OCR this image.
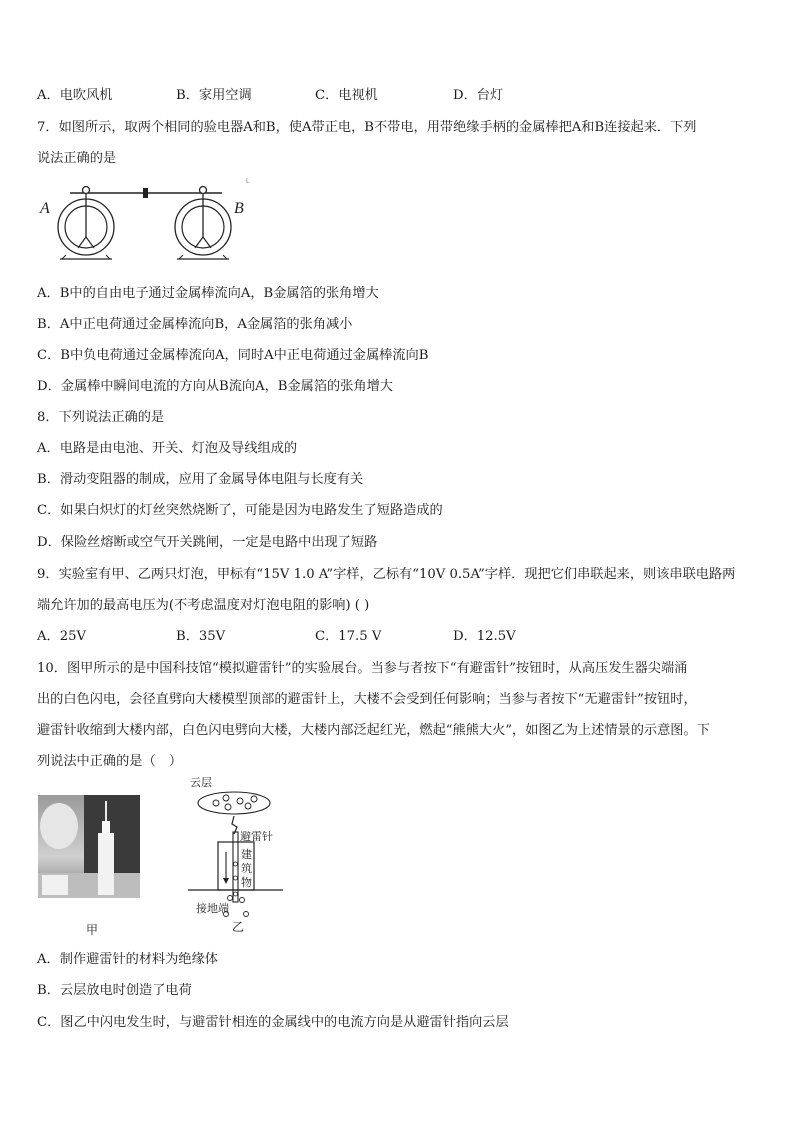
A．电吹风机	B．家用空调	C．电视机	D．台灯
7．如图所示，取两个相同的验电器A和B，使A带正电，B不带电，用带绝缘手柄的金属棒把A和B连接起来．下列
说法正确的是
A	B
L
A．B中的自由电子通过金属棒流向A，B金属箔的张角增大
B．A中正电荷通过金属棒流向B，A金属箔的张角减小
C．B中负电荷通过金属棒流向A，同时A中正电荷通过金属棒流向B
D．金属棒中瞬间电流的方向从B流向A，B金属箔的张角增大
8．下列说法正确的是
A．电路是由电池、开关、灯泡及导线组成的
B．滑动变阻器的制成，应用了金属导体电阻与长度有关
C．如果白炽灯的灯丝突然烧断了，可能是因为电路发生了短路造成的
D．保险丝熔断或空气开关跳闸，一定是电路中出现了短路
9．实验室有甲、乙两只灯泡，甲标有“15V 1.0 A”字样，乙标有“10V 0.5A”字样．现把它们串联起来，则该串联电路两
端允许加的最高电压为(不考虑温度对灯泡电阻的影响) ( )
A．25V	B．35V	C．17.5 V	D．12.5V
10．图甲所示的是中国科技馆“模拟避雷针”的实验展台。当参与者按下“有避雷针”按钮时，从高压发生器尖端涌
出的白色闪电，会径直劈向大楼模型顶部的避雷针上，大楼不会受到任何影响；当参与者按下“无避雷针”按钮时，
避雷针收缩到大楼内部，白色闪电劈向大楼，大楼内部泛起红光，燃起“熊熊大火”，如图乙为上述情景的示意图。下
列说法中正确的是（　）
甲
云层
避雷针
建
筑
物
接地端
乙
A．制作避雷针的材料为绝缘体
B．云层放电时创造了电荷
C．图乙中闪电发生时，与避雷针相连的金属线中的电流方向是从避雷针指向云层
